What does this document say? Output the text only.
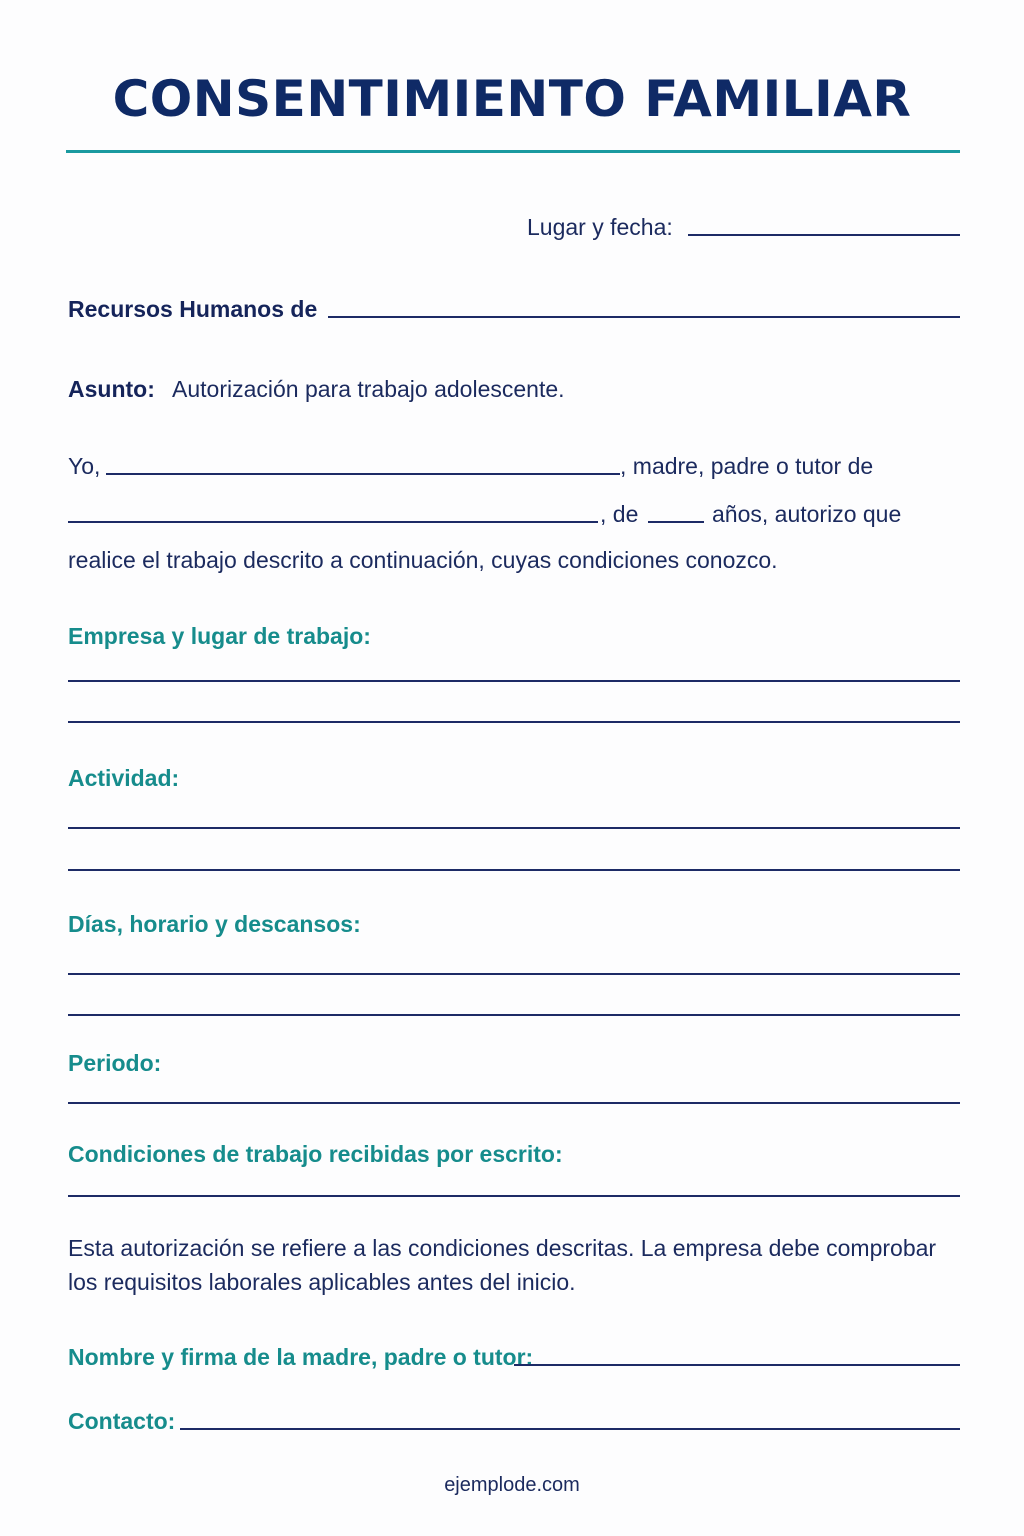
CONSENTIMIENTO FAMILIAR
Lugar y fecha:
Recursos Humanos de
Asunto: Autorización para trabajo adolescente.
Yo,	, madre, padre o tutor de
, de	años, autorizo que
realice el trabajo descrito a continuación, cuyas condiciones conozco.
Empresa y lugar de trabajo:
Actividad:
Días, horario y descansos:
Periodo:
Condiciones de trabajo recibidas por escrito:
Esta autorización se refiere a las condiciones descritas. La empresa debe comprobar
los requisitos laborales aplicables antes del inicio.
Nombre y firma de la madre, padre o tutor:
Contacto:
ejemplode.com
